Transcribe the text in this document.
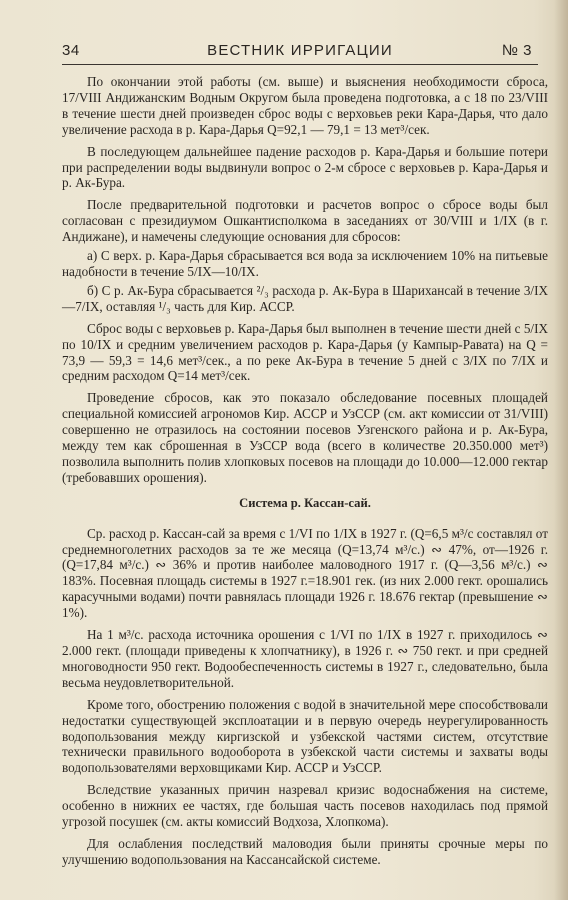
34	ВЕСТНИК ИРРИГАЦИИ	№ 3

По окончании этой работы (см. выше) и выяснения необходимости сброса, 17/VIII Андижанским Водным Округом была проведена подготовка, а с 18 по 23/VIII в течение шести дней произведен сброс воды с верховьев реки Кара-Дарья, что дало увеличение расхода в р. Кара-Дарья Q=92,1 — 79,1 = 13 мет³/сек.

В последующем дальнейшее падение расходов р. Кара-Дарья и большие потери при распределении воды выдвинули вопрос о 2-м сбросе с верховьев р. Кара-Дарья и р. Ак-Бура.

После предварительной подготовки и расчетов вопрос о сбросе воды был согласован с президиумом Ошкантисполкома в заседаниях от 30/VIII и 1/IX (в г. Андижане), и намечены следующие основания для сбросов:

а) С верх. р. Кара-Дарья сбрасывается вся вода за исключением 10% на питьевые надобности в течение 5/IX—10/IX.

б) С р. Ак-Бура сбрасывается ²/₃ расхода р. Ак-Бура в Шарихансай в течение 3/IX—7/IX, оставляя ¹/₃ часть для Кир. АССР.

Сброс воды с верховьев р. Кара-Дарья был выполнен в течение шести дней с 5/IX по 10/IX и средним увеличением расходов р. Кара-Дарья (у Кампыр-Равата) на Q = 73,9 — 59,3 = 14,6 мет³/сек., а по реке Ак-Бура в течение 5 дней с 3/IX по 7/IX и средним расходом Q=14 мет³/сек.

Проведение сбросов, как это показало обследование посевных площадей специальной комиссией агрономов Кир. АССР и УзССР (см. акт комиссии от 31/VIII) совершенно не отразилось на состоянии посевов Узгенского района и р. Ак-Бура, между тем как сброшенная в УзССР вода (всего в количестве 20.350.000 мет³) позволила выполнить полив хлопковых посевов на площади до 10.000—12.000 гектар (требовавших орошения).

Система р. Кассан-сай.

Ср. расход р. Кассан-сай за время с 1/VI по 1/IX в 1927 г. (Q=6,5 м³/с составлял от среднемноголетних расходов за те же месяца (Q=13,74 м³/с.) ∾ 47%, от—1926 г. (Q=17,84 м³/с.) ∾ 36% и против наиболее маловодного 1917 г. (Q—3,56 м³/с.) ∾ 183%. Посевная площадь системы в 1927 г.=18.901 гек. (из них 2.000 гект. орошались карасучными водами) почти равнялась площади 1926 г. 18.676 гектар (превышение ∾ 1%).

На 1 м³/с. расхода источника орошения с 1/VI по 1/IX в 1927 г. приходилось ∾ 2.000 гект. (площади приведены к хлопчатнику), в 1926 г. ∾ 750 гект. и при средней многоводности 950 гект. Водообеспеченность системы в 1927 г., следовательно, была весьма неудовлетворительной.

Кроме того, обострению положения с водой в значительной мере способствовали недостатки существующей эксплоатации и в первую очередь неурегулированность водопользования между киргизской и узбекской частями систем, отсутствие технически правильного водооборота в узбекской части системы и захваты воды водопользователями верховщиками Кир. АССР и УзССР.

Вследствие указанных причин назревал кризис водоснабжения на системе, особенно в нижних ее частях, где большая часть посевов находилась под прямой угрозой посушек (см. акты комиссий Водхоза, Хлопкома).

Для ослабления последствий маловодия были приняты срочные меры по улучшению водопользования на Кассансайской системе.
